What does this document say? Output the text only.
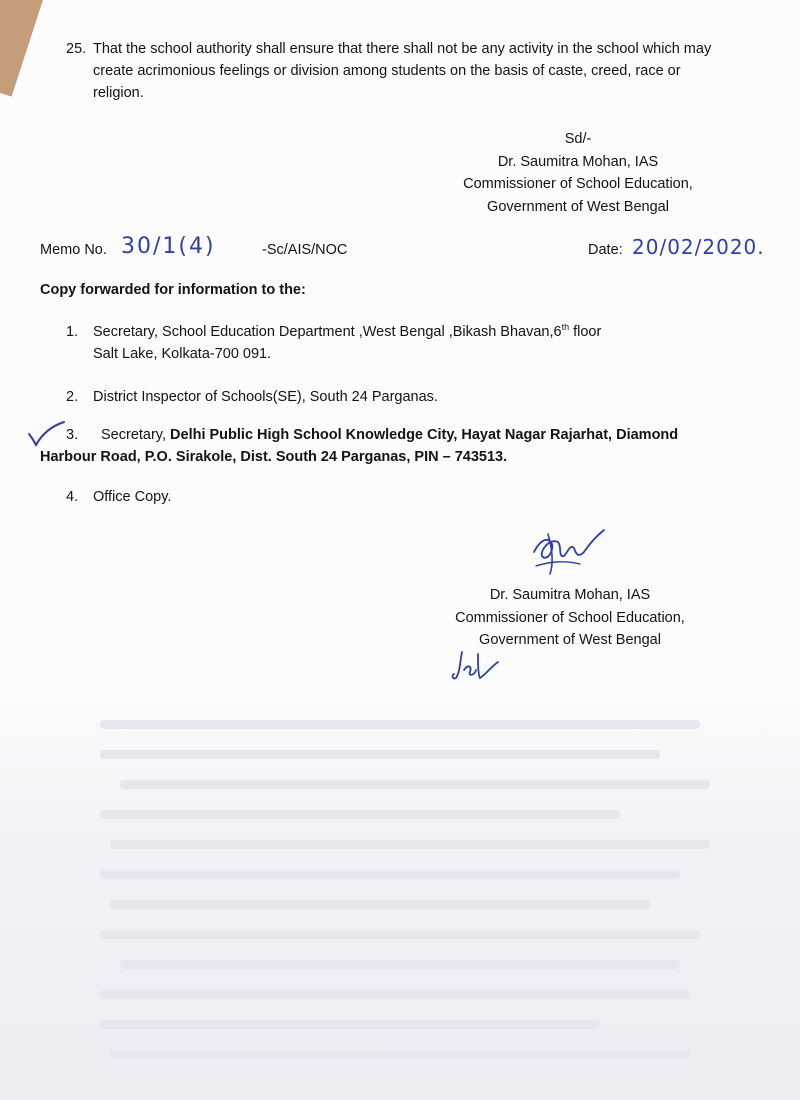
25. That the school authority shall ensure that there shall not be any activity in the school which may create acrimonious feelings or division among students on the basis of caste, creed, race or religion.
Sd/-
Dr. Saumitra Mohan, IAS
Commissioner of School Education,
Government of West Bengal
Memo No. 30/1(4)	-Sc/AIS/NOC	Date: 20/02/2020.
Copy forwarded for information to the:
1. Secretary, School Education Department ,West Bengal ,Bikash Bhavan,6th floor
Salt Lake, Kolkata-700 091.
2. District Inspector of Schools(SE), South 24 Parganas.
3. Secretary, Delhi Public High School Knowledge City, Hayat Nagar Rajarhat, Diamond
Harbour Road, P.O. Sirakole, Dist. South 24 Parganas, PIN – 743513.
4. Office Copy.
Dr. Saumitra Mohan, IAS
Commissioner of School Education,
Government of West Bengal
